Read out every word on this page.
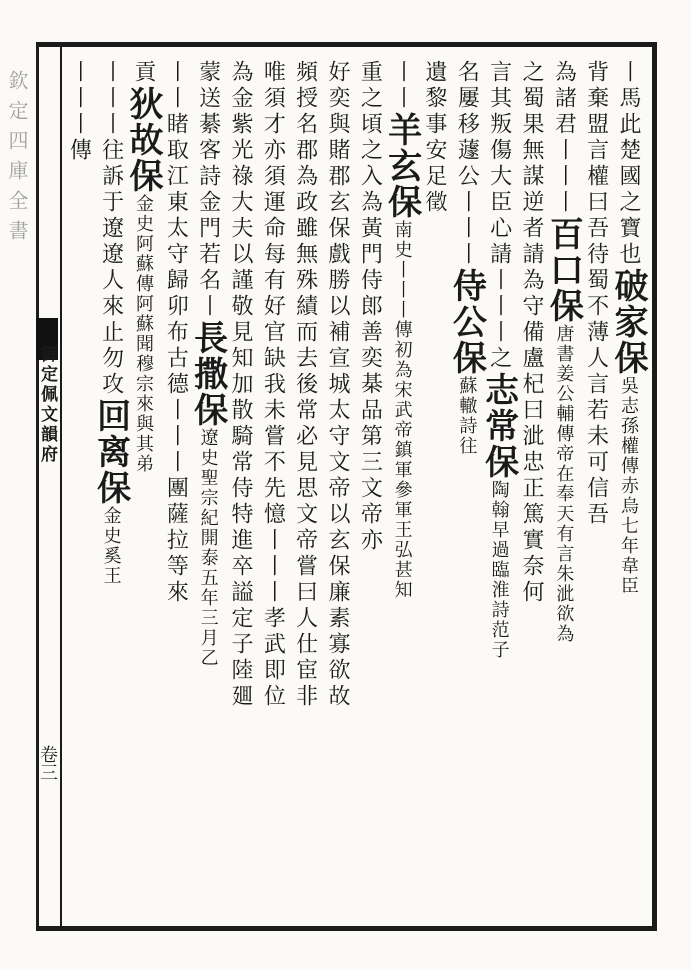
欽定四庫全書
御定佩文韻府
卷三
丨馬此楚國之寶也破家保吳志孫權傳赤烏七年韋臣
背棄盟言權曰吾待蜀不薄人言若未可信吾
為諸君丨丨丨百口保唐書姜公輔傳帝在奉天有言朱泚欲為
之蜀果無謀逆者請為守備盧杞曰泚忠正篤實奈何
言其叛傷大臣心請丨丨丨之志常保陶翰早過臨淮詩范子
名屢移蘧公丨丨丨侍公保蘇轍詩往
遺黎事安足徵
丨丨羊玄保南史丨丨丨傳初為宋武帝鎮軍參軍王弘甚知
重之頃之入為黃門侍郎善奕棊品第三文帝亦
好奕與賭郡玄保戲勝以補宣城太守文帝以玄保廉素寡欲故
頻授名郡為政雖無殊績而去後常必見思文帝嘗曰人仕宦非
唯須才亦須運命每有好官缺我未嘗不先憶丨丨丨孝武即位
為金紫光祿大夫以謹敬見知加散騎常侍特進卒謚定子陸廽
蒙送綦客詩金門若名丨長撒保遼史聖宗紀開泰五年三月乙
丨丨睹取江東太守歸卯布古德丨丨丨團薩拉等來
貢狄故保金史阿蘇傳阿蘇聞穆宗來與其弟
丨丨丨往訴于遼遼人來止勿攻回离保金史奚王
丨丨丨傳
